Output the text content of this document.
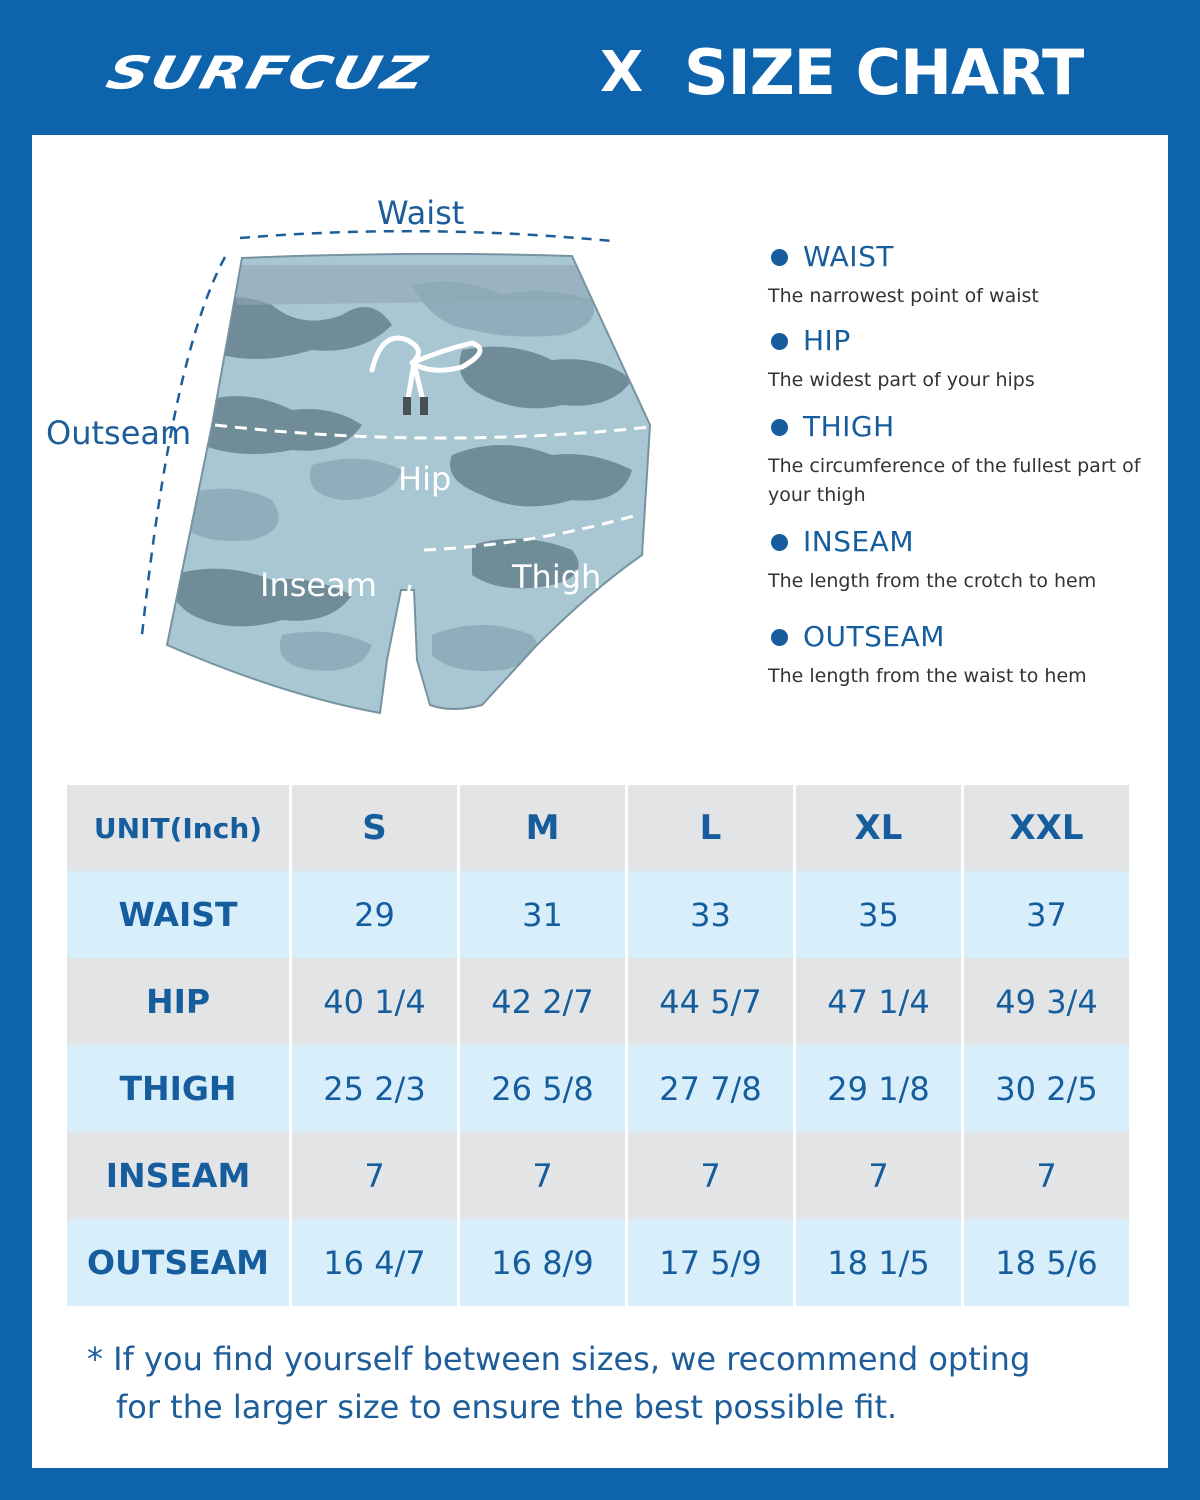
SURFCUZ	X SIZE CHART
Waist
Outseam
Hip
Inseam	Thigh
WAIST
The narrowest point of waist
HIP
The widest part of your hips
THIGH
The circumference of the fullest part of your thigh
INSEAM
The length from the crotch to hem
OUTSEAM
The length from the waist to hem
UNIT(Inch)	S	M	L	XL	XXL
WAIST	29	31	33	35	37
HIP	40 1/4	42 2/7	44 5/7	47 1/4	49 3/4
THIGH	25 2/3	26 5/8	27 7/8	29 1/8	30 2/5
INSEAM	7	7	7	7	7
OUTSEAM	16 4/7	16 8/9	17 5/9	18 1/5	18 5/6
* If you find yourself between sizes, we recommend opting
for the larger size to ensure the best possible fit.
